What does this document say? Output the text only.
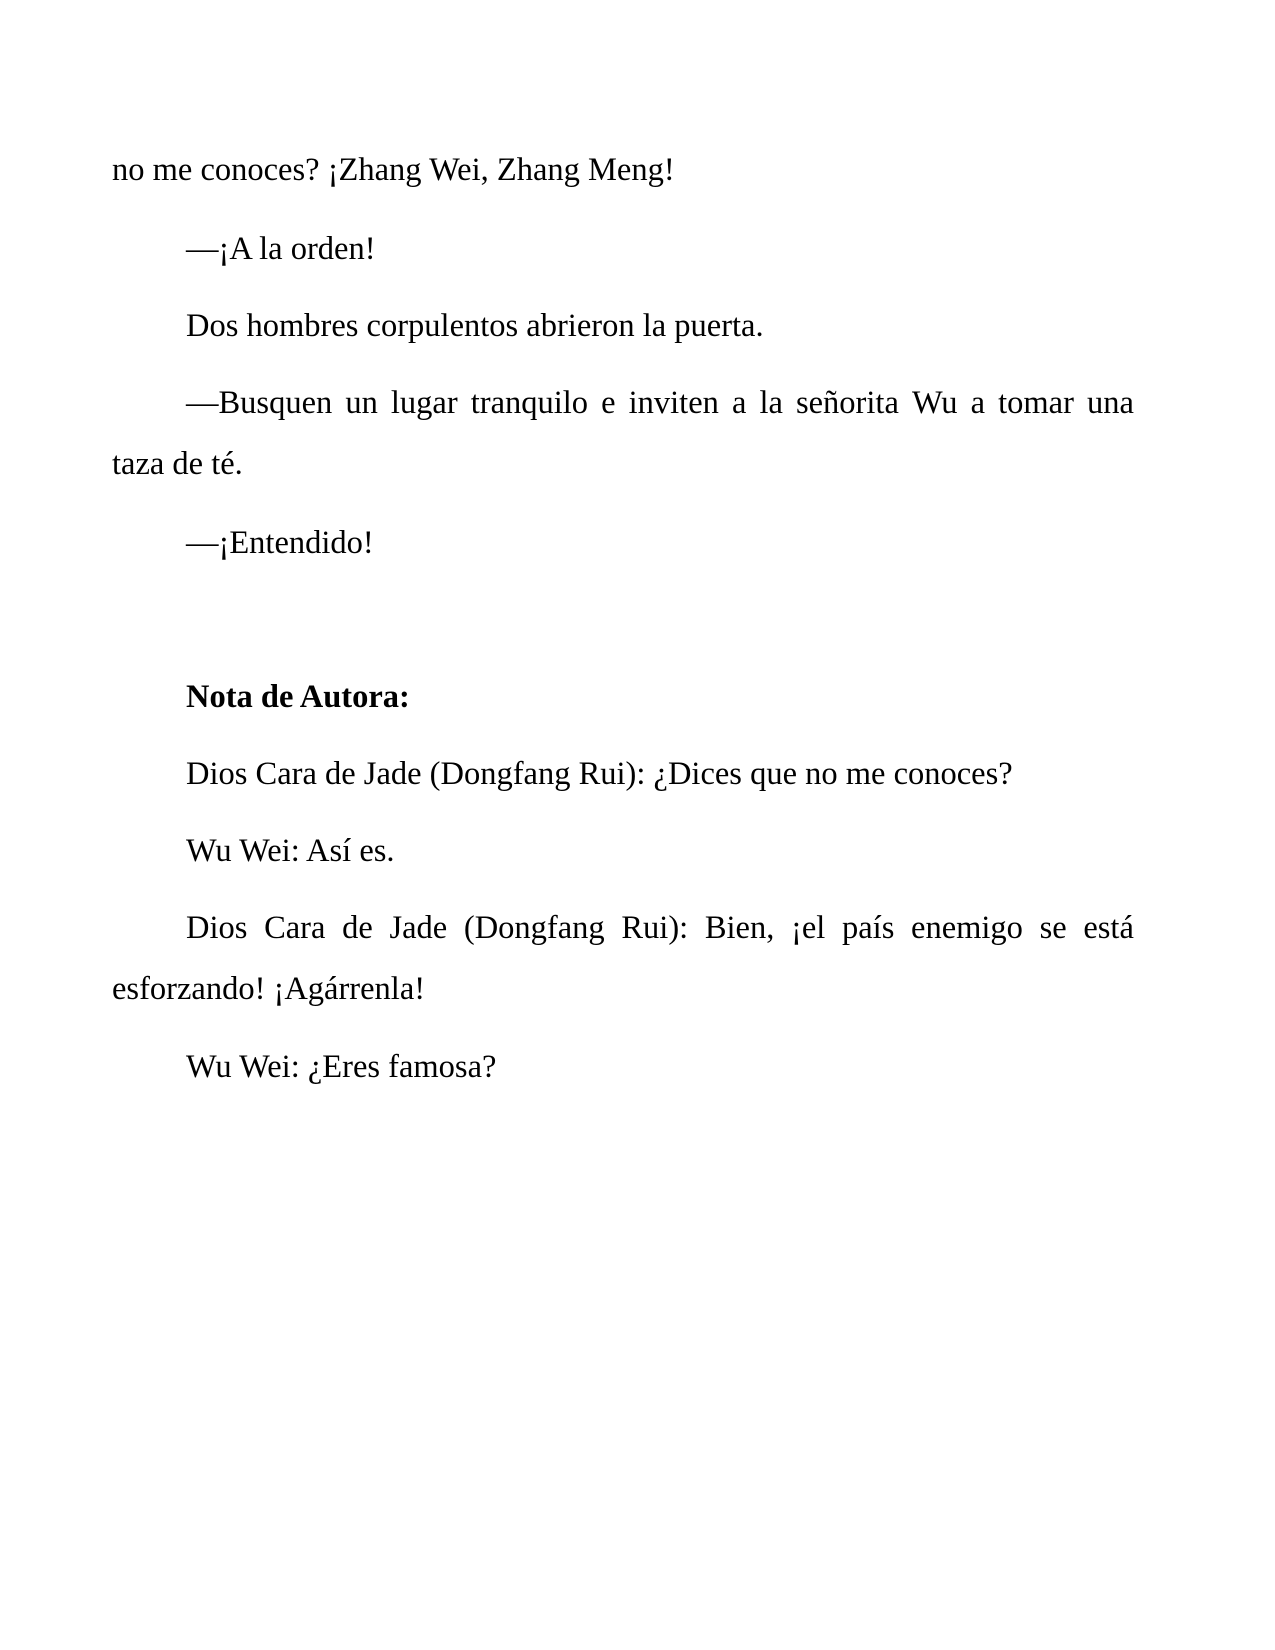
no me conoces? ¡Zhang Wei, Zhang Meng!
—¡A la orden!
Dos hombres corpulentos abrieron la puerta.
—Busquen un lugar tranquilo e inviten a la señorita Wu a tomar una
taza de té.
—¡Entendido!
Nota de Autora:
Dios Cara de Jade (Dongfang Rui): ¿Dices que no me conoces?
Wu Wei: Así es.
Dios Cara de Jade (Dongfang Rui): Bien, ¡el país enemigo se está
esforzando! ¡Agárrenla!
Wu Wei: ¿Eres famosa?
